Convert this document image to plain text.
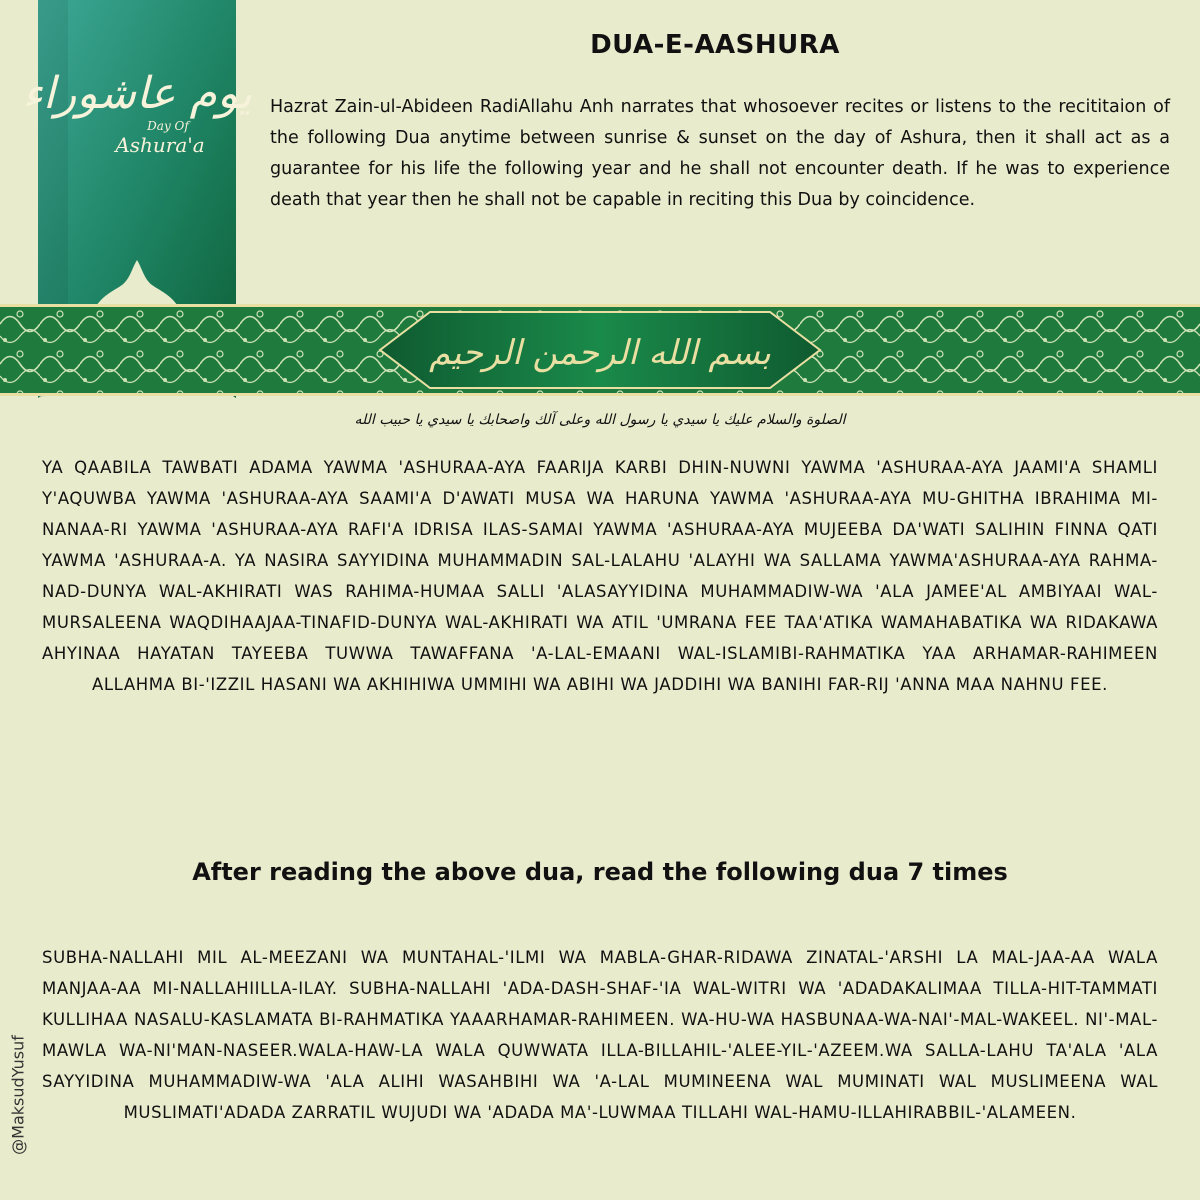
يوم عاشوراء
Day Of
Ashura'a
DUA-E-AASHURA
Hazrat Zain-ul-Abideen RadiAllahu Anh narrates that whosoever recites or listens to the recititaion of the following Dua anytime between sunrise & sunset on the day of Ashura, then it shall act as a guarantee for his life the following year and he shall not encounter death. If he was to experience death that year then he shall not be capable in reciting this Dua by coincidence.
بسم الله الرحمن الرحيم
الصلوة والسلام عليك يا سيدي يا رسول الله وعلى آلك واصحابك يا سيدي يا حبيب الله
YA QAABILA TAWBATI ADAMA YAWMA 'ASHURAA-AYA FAARIJA KARBI DHIN-NUWNI YAWMA 'ASHURAA-AYA JAAMI'A SHAMLI Y'AQUWBA YAWMA 'ASHURAA-AYA SAAMI'A D'AWATI MUSA WA HARUNA YAWMA 'ASHURAA-AYA MU-GHITHA IBRAHIMA MI-NANAA-RI YAWMA 'ASHURAA-AYA RAFI'A IDRISA ILAS-SAMAI YAWMA 'ASHURAA-AYA MUJEEBA DA'WATI SALIHIN FINNA QATI YAWMA 'ASHURAA-A. YA NASIRA SAYYIDINA MUHAMMADIN SAL-LALAHU 'ALAYHI WA SALLAMA YAWMA'ASHURAA-AYA RAHMA-NAD-DUNYA WAL-AKHIRATI WAS RAHIMA-HUMAA SALLI 'ALASAYYIDINA MUHAMMADIW-WA 'ALA JAMEE'AL AMBIYAAI WAL-MURSALEENA WAQDIHAAJAA-TINAFID-DUNYA WAL-AKHIRATI WA ATIL 'UMRANA FEE TAA'ATIKA WAMAHABATIKA WA RIDAKAWA AHYINAA HAYATAN TAYEEBA TUWWA TAWAFFANA 'A-LAL-EMAANI WAL-ISLAMIBI-RAHMATIKA YAA ARHAMAR-RAHIMEEN ALLAHMA BI-'IZZIL HASANI WA AKHIHIWA UMMIHI WA ABIHI WA JADDIHI WA BANIHI FAR-RIJ 'ANNA MAA NAHNU FEE.
After reading the above dua, read the following dua 7 times
SUBHA-NALLAHI MIL AL-MEEZANI WA MUNTAHAL-'ILMI WA MABLA-GHAR-RIDAWA ZINATAL-'ARSHI LA MAL-JAA-AA WALA MANJAA-AA MI-NALLAHIILLA-ILAY. SUBHA-NALLAHI 'ADA-DASH-SHAF-'IA WAL-WITRI WA 'ADADAKALIMAA TILLA-HIT-TAMMATI KULLIHAA NASALU-KASLAMATA BI-RAHMATIKA YAAARHAMAR-RAHIMEEN. WA-HU-WA HASBUNAA-WA-NAI'-MAL-WAKEEL. NI'-MAL-MAWLA WA-NI'MAN-NASEER.WALA-HAW-LA WALA QUWWATA ILLA-BILLAHIL-'ALEE-YIL-'AZEEM.WA SALLA-LAHU TA'ALA 'ALA SAYYIDINA MUHAMMADIW-WA 'ALA ALIHI WASAHBIHI WA 'A-LAL MUMINEENA WAL MUMINATI WAL MUSLIMEENA WAL MUSLIMATI'ADADA ZARRATIL WUJUDI WA 'ADADA MA'-LUWMAA TILLAHI WAL-HAMU-ILLAHIRABBIL-'ALAMEEN.
@MaksudYusuf
